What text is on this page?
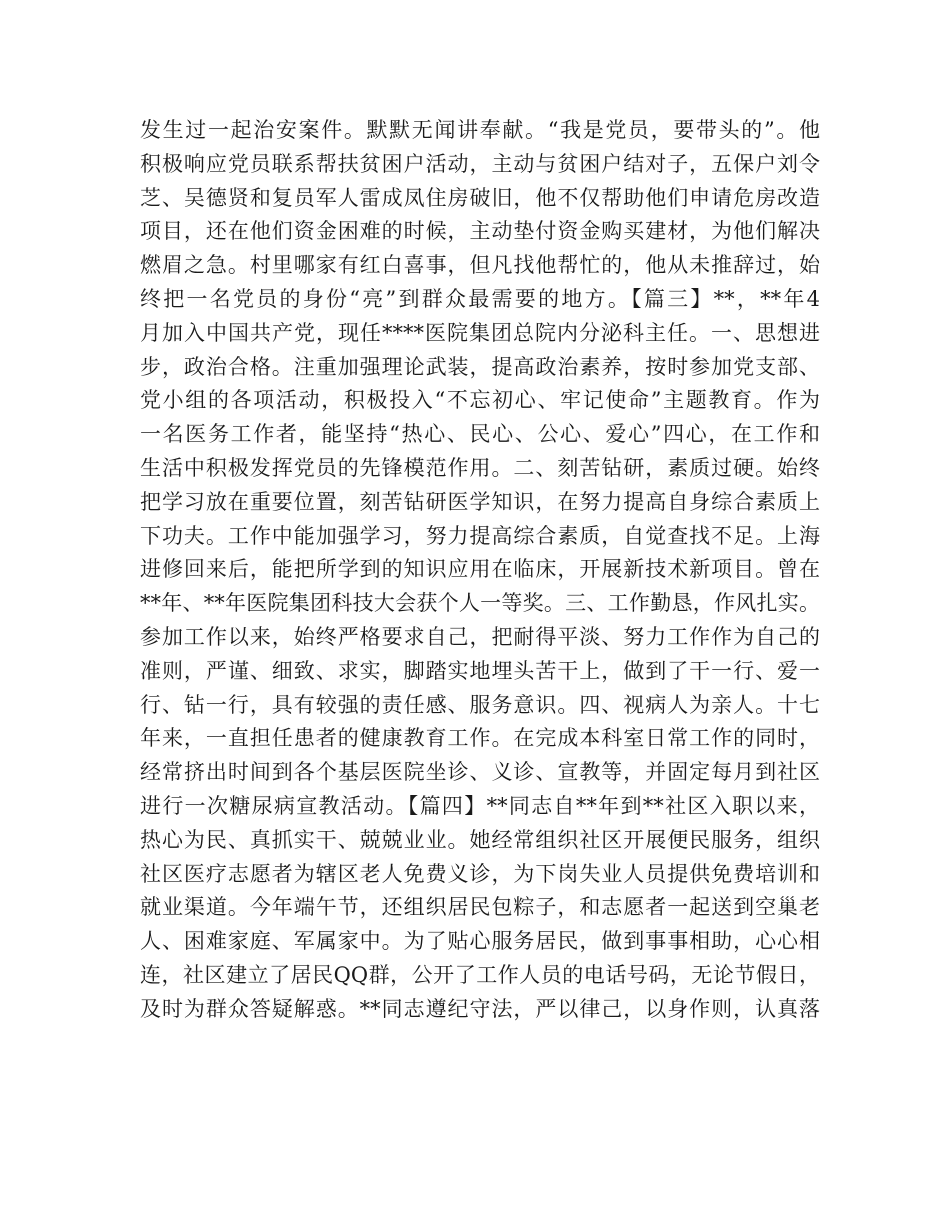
发生过一起治安案件。默默无闻讲奉献。“我是党员，要带头的”。他
积极响应党员联系帮扶贫困户活动，主动与贫困户结对子，五保户刘令
芝、吴德贤和复员军人雷成凤住房破旧，他不仅帮助他们申请危房改造
项目，还在他们资金困难的时候，主动垫付资金购买建材，为他们解决
燃眉之急。村里哪家有红白喜事，但凡找他帮忙的，他从未推辞过，始
终把一名党员的身份“亮”到群众最需要的地方。【篇三】**，**年4
月加入中国共产党，现任****医院集团总院内分泌科主任。一、思想进
步，政治合格。注重加强理论武装，提高政治素养，按时参加党支部、
党小组的各项活动，积极投入“不忘初心、牢记使命”主题教育。作为
一名医务工作者，能坚持“热心、民心、公心、爱心”四心，在工作和
生活中积极发挥党员的先锋模范作用。二、刻苦钻研，素质过硬。始终
把学习放在重要位置，刻苦钻研医学知识，在努力提高自身综合素质上
下功夫。工作中能加强学习，努力提高综合素质，自觉查找不足。上海
进修回来后，能把所学到的知识应用在临床，开展新技术新项目。曾在
**年、**年医院集团科技大会获个人一等奖。三、工作勤恳，作风扎实。
参加工作以来，始终严格要求自己，把耐得平淡、努力工作作为自己的
准则，严谨、细致、求实，脚踏实地埋头苦干上，做到了干一行、爱一
行、钻一行，具有较强的责任感、服务意识。四、视病人为亲人。十七
年来，一直担任患者的健康教育工作。在完成本科室日常工作的同时，
经常挤出时间到各个基层医院坐诊、义诊、宣教等，并固定每月到社区
进行一次糖尿病宣教活动。【篇四】**同志自**年到**社区入职以来，
热心为民、真抓实干、兢兢业业。她经常组织社区开展便民服务，组织
社区医疗志愿者为辖区老人免费义诊，为下岗失业人员提供免费培训和
就业渠道。今年端午节，还组织居民包粽子，和志愿者一起送到空巢老
人、困难家庭、军属家中。为了贴心服务居民，做到事事相助，心心相
连，社区建立了居民QQ群，公开了工作人员的电话号码，无论节假日，
及时为群众答疑解惑。**同志遵纪守法，严以律己，以身作则，认真落
